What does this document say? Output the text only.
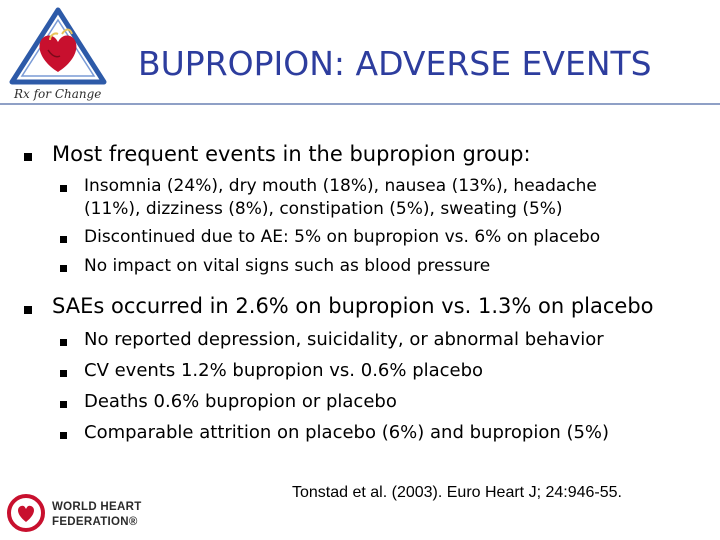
Rx for Change
BUPROPION: ADVERSE EVENTS
Most frequent events in the bupropion group:
Insomnia (24%), dry mouth (18%), nausea (13%), headache
(11%), dizziness (8%), constipation (5%), sweating (5%)
Discontinued due to AE: 5% on bupropion vs. 6% on placebo
No impact on vital signs such as blood pressure
SAEs occurred in 2.6% on bupropion vs. 1.3% on placebo
No reported depression, suicidality, or abnormal behavior
CV events 1.2% bupropion vs. 0.6% placebo
Deaths 0.6% bupropion or placebo
Comparable attrition on placebo (6%) and bupropion (5%)
Tonstad et al. (2003). Euro Heart J; 24:946-55.
WORLD HEART
FEDERATION®
